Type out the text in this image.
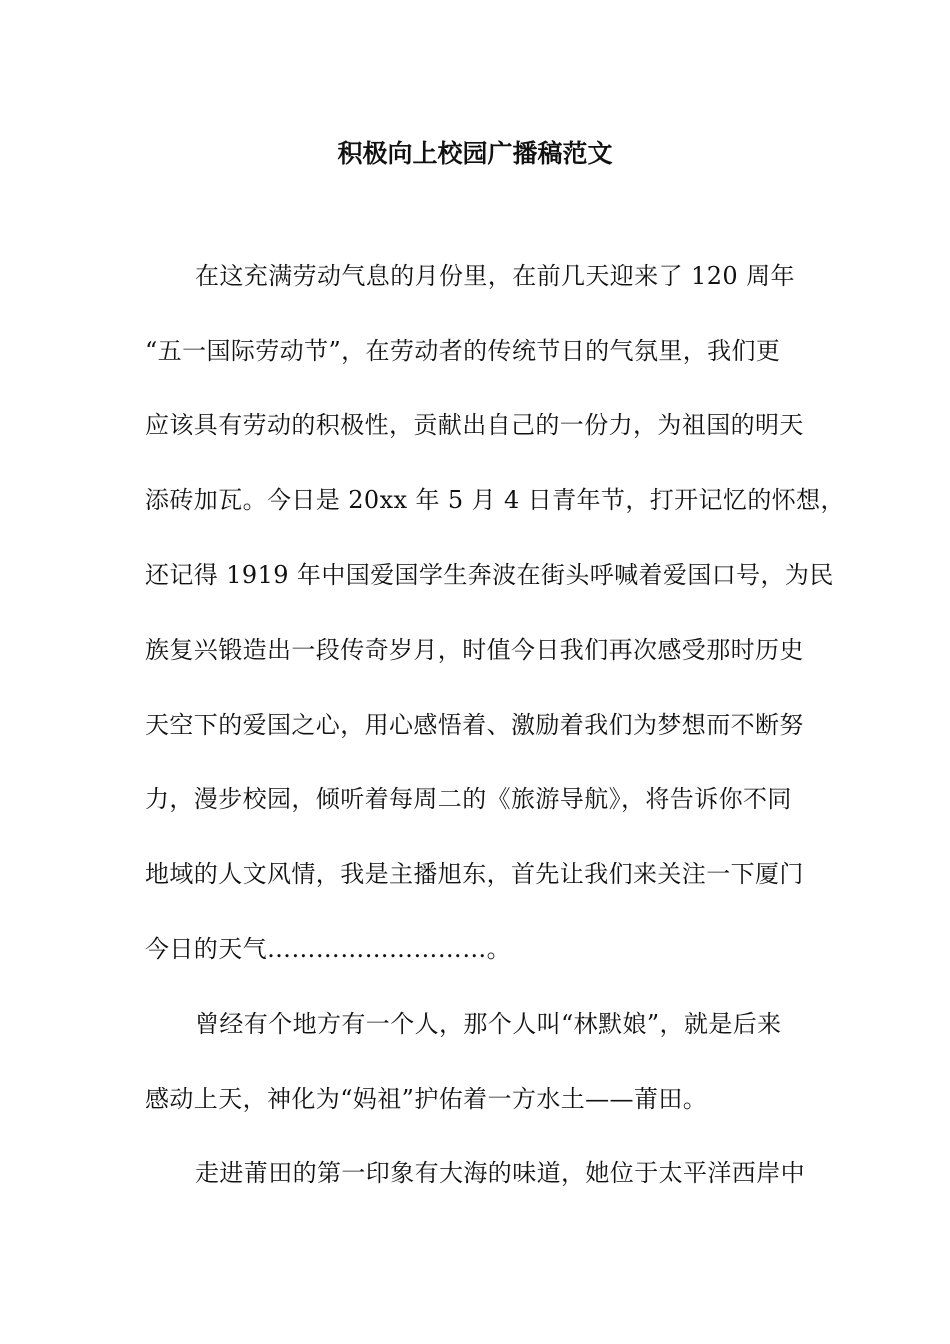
积极向上校园广播稿范文

在这充满劳动气息的月份里，在前几天迎来了 120 周年

“五一国际劳动节”，在劳动者的传统节日的气氛里，我们更

应该具有劳动的积极性，贡献出自己的一份力，为祖国的明天

添砖加瓦。今日是 20xx 年 5 月 4 日青年节，打开记忆的怀想，

还记得 1919 年中国爱国学生奔波在街头呼喊着爱国口号，为民

族复兴锻造出一段传奇岁月，时值今日我们再次感受那时历史

天空下的爱国之心，用心感悟着、激励着我们为梦想而不断努

力，漫步校园，倾听着每周二的《旅游导航》，将告诉你不同

地域的人文风情，我是主播旭东，首先让我们来关注一下厦门

今日的天气………………………。

曾经有个地方有一个人，那个人叫“林默娘”，就是后来

感动上天，神化为“妈祖”护佑着一方水土——莆田。

走进莆田的第一印象有大海的味道，她位于太平洋西岸中
